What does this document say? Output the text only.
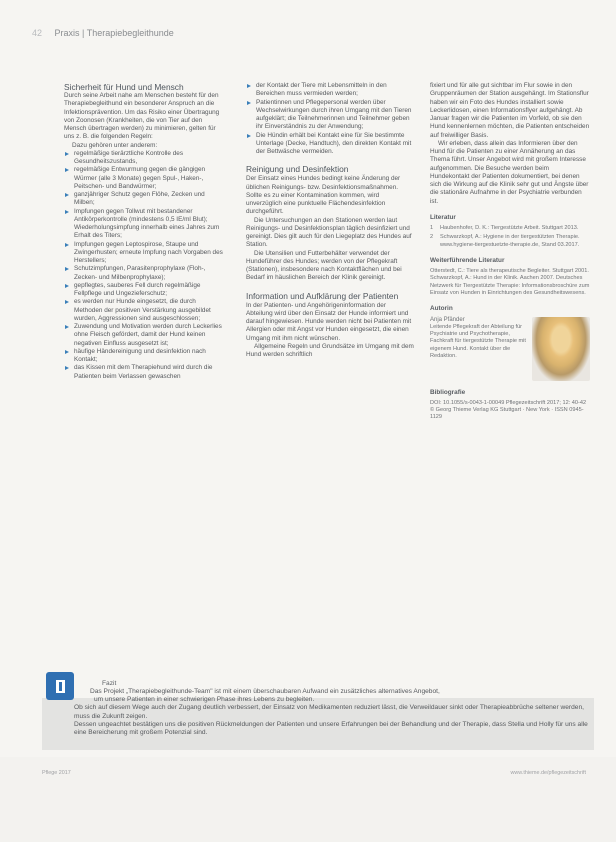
42 Praxis | Therapiebegleithunde
Sicherheit für Hund und Mensch

Durch seine Arbeit nahe am Menschen besteht für den Therapiebegleithund ein besonderer Anspruch an die Infektionsprävention. Um das Risiko einer Übertragung von Zoonosen (Krankheiten, die von Tier auf den Mensch übertragen werden) zu minimieren, gelten für uns z. B. die folgenden Regeln:

Dazu gehören unter anderem:

regelmäßige tierärztliche Kontrolle des Gesundheitszustands,
regelmäßige Entwurmung gegen die gängigen Würmer (alle 3 Monate) gegen Spul-, Haken-, Peitschen- und Bandwürmer;
ganzjähriger Schutz gegen Flöhe, Zecken und Milben;
Impfungen gegen Tollwut mit bestandener Antikörperkontrolle (mindestens 0,5 IE/ml Blut); Wiederholungsimpfung innerhalb eines Jahres zum Erhalt des Titers;
Impfungen gegen Leptospirose, Staupe und Zwingerhusten; erneute Impfung nach Vorgaben des Herstellers;
Schutzimpfungen, Parasitenprophylaxe (Floh-, Zecken- und Milbenprophylaxe);
gepflegtes, sauberes Fell durch regelmäßige Fellpflege und Ungezieferschutz;
es werden nur Hunde eingesetzt, die durch Methoden der positiven Verstärkung ausgebildet wurden, Aggressionen sind ausgeschlossen;
Zuwendung und Motivation werden durch Leckerlies ohne Fleisch gefördert, damit der Hund keinen negativen Einfluss ausgesetzt ist;
häufige Händereinigung und desinfektion nach Kontakt;
das Kissen mit dem Therapiehund wird durch die Patienten beim Verlassen gewaschen
der Kontakt der Tiere mit Lebensmitteln in den Bereichen muss vermieden werden;
Patientinnen und Pflegepersonal werden über Wechselwirkungen durch ihren Umgang mit den Tieren aufgeklärt; die Teilnehmerinnen und Teilnehmer geben ihr Einverständnis zu der Anwendung;
Die Hündin erhält bei Kontakt eine für Sie bestimmte Unterlage (Decke, Handtuch), den direkten Kontakt mit der Bettwäsche vermeiden.
Reinigung und Desinfektion

Der Einsatz eines Hundes bedingt keine Änderung der üblichen Reinigungs- bzw. Desinfektionsmaßnahmen. Sollte es zu einer Kontamination kommen, wird unverzüglich eine punktuelle Flächendesinfektion durchgeführt.

Die Untersuchungen an den Stationen werden laut Reinigungs- und Desinfektionsplan täglich desinfiziert und gereinigt. Dies gilt auch für den Liegeplatz des Hundes auf Station.

Die Utensilien und Futterbehälter verwendet der Hundeführer des Hundes; werden von der Pflegekraft (Stationen), insbesondere nach Kontaktflächen und bei Bedarf im häuslichen Bereich der Klinik gereinigt.

Information und Aufklärung der Patienten

In der Patienten- und Angehörigeninformation der Abteilung wird über den Einsatz der Hunde informiert und darauf hingewiesen. Hunde werden nicht bei Patienten mit Allergien oder mit Angst vor Hunden eingesetzt, die einen Umgang mit ihm nicht wünschen.

Allgemeine Regeln und Grundsätze im Umgang mit dem Hund werden schriftlich

fixiert und für alle gut sichtbar im Flur sowie in den Gruppenräumen der Station ausgehängt. Im Stationsflur haben wir ein Foto des Hundes installiert sowie Leckerlidosen, einen Informationsflyer aufgehängt. Ab Januar fragen wir die Patienten im Vorfeld, ob sie den Hund kennenlernen möchten, die Patienten entscheiden auf freiwilliger Basis.

Wir erleben, dass allein das Informieren über den Hund für die Patienten zu einer Annäherung an das Thema führt. Unser Angebot wird mit großem Interesse aufgenommen. Die Besuche werden beim Hundekontakt der Patienten dokumentiert, bei denen sich die Wirkung auf die Klinik sehr gut und Ängste über die stationäre Aufnahme in der Psychiatrie verbunden ist.

Literatur
1 Haubenhofer, D. K.: Tiergestützte Arbeit. Stuttgart 2013.
2 Schwarzkopf, A.: Hygiene in der tiergestützten Therapie. www.hygiene-tiergestuetzte-therapie.de, Stand 03.2017.
Weiterführende Literatur

Otterstedt, C.: Tiere als therapeutische Begleiter. Stuttgart 2001. Schwarzkopf, A.: Hund in der Klinik. Aachen 2007. Deutsches Netzwerk für Tiergestützte Therapie: Informationsbroschüre zum Einsatz von Hunden in Einrichtungen des Gesundheitswesens.

Autorin
Anja Pfänder
Leitende Pflegekraft der Abteilung für Psychiatrie und Psychotherapie, Fachkraft für tiergestützte Therapie mit eigenem Hund. Kontakt über die Redaktion.
Bibliografie

DOI: 10.1055/s-0043-1-00049 Pflegezeitschrift 2017; 12: 40-42 © Georg Thieme Verlag KG Stuttgart · New York · ISSN 0945-1129

Fazit

Das Projekt „Therapiebegleithunde-Team" ist mit einem überschaubaren Aufwand ein zusätzliches alternatives Angebot,

um unsere Patienten in einer schwierigen Phase ihres Lebens zu begleiten.

Ob sich auf diesem Wege auch der Zugang deutlich verbessert, der Einsatz von Medikamenten reduziert lässt, die Verweildauer sinkt oder Therapieabbrüche seltener werden, muss die Zukunft zeigen.

Dessen ungeachtet bestätigen uns die positiven Rückmeldungen der Patienten und unsere Erfahrungen bei der Behandlung und der Therapie, dass Stella und Holly für uns alle eine Bereicherung mit großem Potenzial sind.

Pflege 2017	www.thieme.de/pflegezeitschrift
